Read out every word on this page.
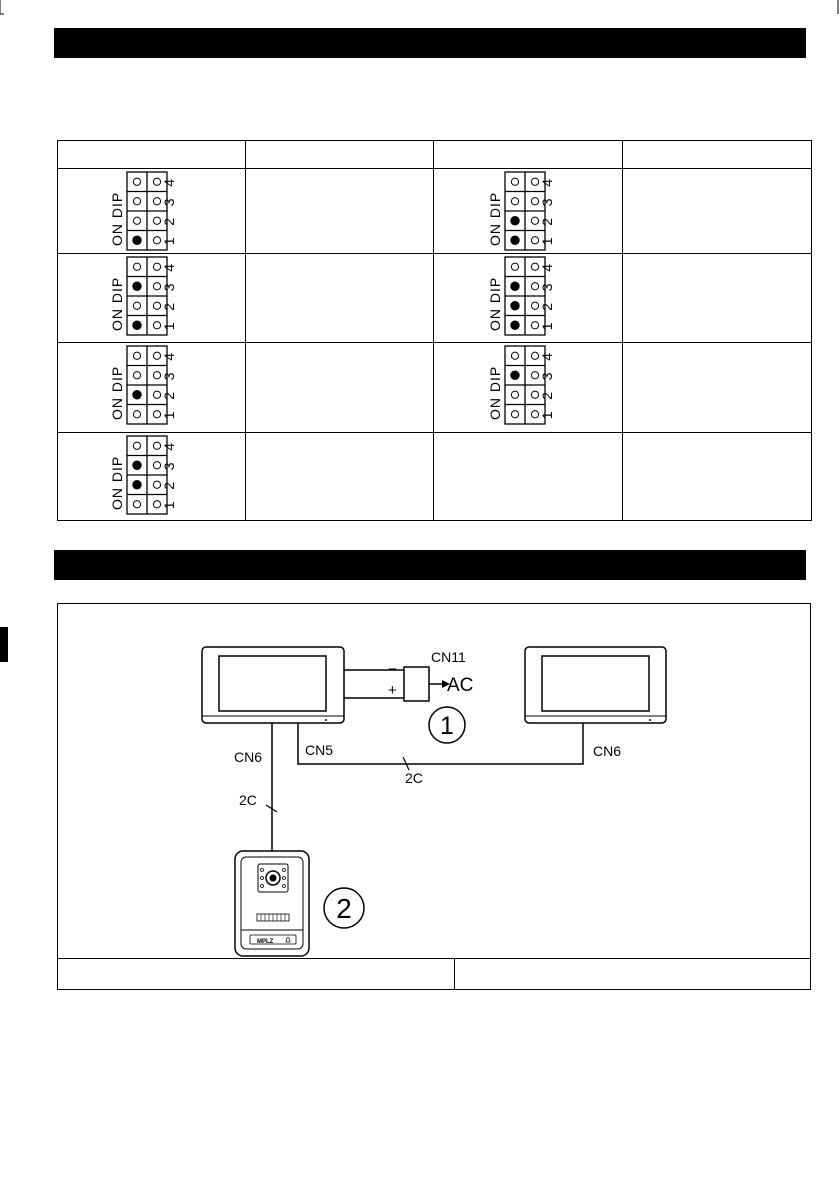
ON DIP
4
3
2
1		ON DIP
4
3
2
1	

ON DIP
4
3
2
1		ON DIP
4
3
2
1	

ON DIP
4
3
2
1		ON DIP
4
3
2
1	

ON DIP
4
3
2
1			

CN11
−
+	AC
1
CN5	CN6
2C
CN6
2C
MPLZ
2
